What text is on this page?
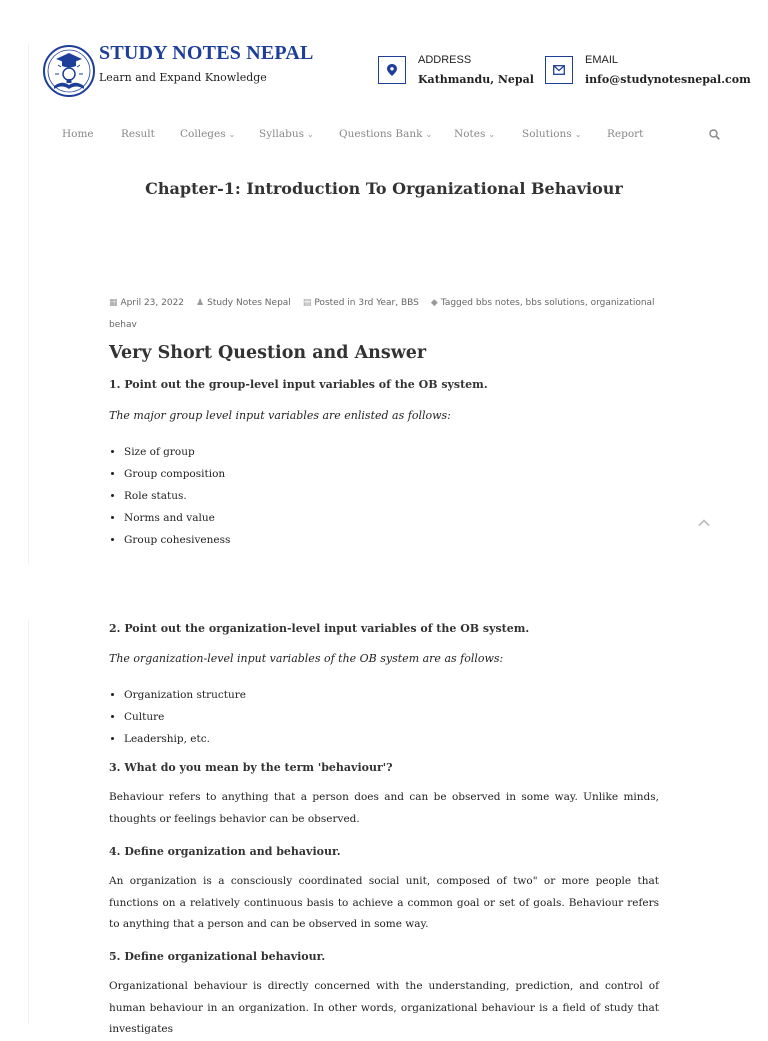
STUDY NOTES NEPAL
Learn and Expand Knowledge
ADDRESS
Kathmandu, Nepal
EMAIL
info@studynotesnepal.com
Home	Result Colleges ⌄ Syllabus ⌄ Questions Bank ⌄ Notes ⌄	Solutions ⌄ Report
Chapter-1: Introduction To Organizational Behaviour
▦ April 23, 2022 ♟ Study Notes Nepal ▤ Posted in 3rd Year, BBS ◆ Tagged bbs notes, bbs solutions, organizational
behav
Very Short Question and Answer

1. Point out the group-level input variables of the OB system.

The major group level input variables are enlisted as follows:

• Size of group
• Group composition
• Role status.
• Norms and value
• Group cohesiveness

2. Point out the organization-level input variables of the OB system.

The organization-level input variables of the OB system are as follows:

• Organization structure
• Culture
• Leadership, etc.

3. What do you mean by the term 'behaviour'?

Behaviour refers to anything that a person does and can be observed in some way. Unlike minds, thoughts or feelings behavior can be observed.

4. Define organization and behaviour.

An organization is a consciously coordinated social unit, composed of two" or more people that functions on a relatively continuous basis to achieve a common goal or set of goals. Behaviour refers to anything that a person and can be observed in some way.

5. Define organizational behaviour.

Organizational behaviour is directly concerned with the understanding, prediction, and control of human behaviour in an organization. In other words, organizational behaviour is a field of study that investigates
